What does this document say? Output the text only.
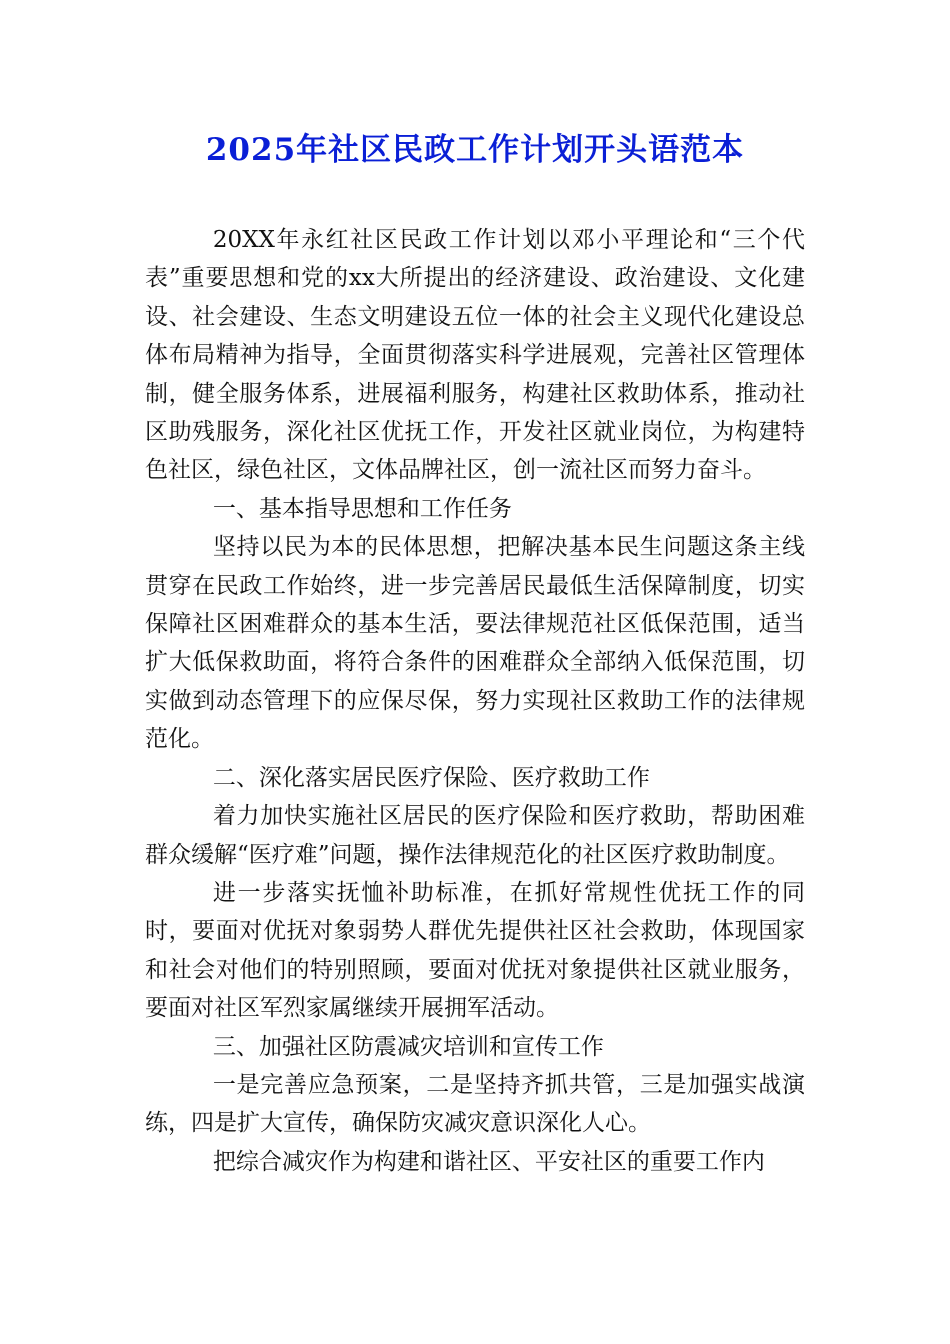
2025年社区民政工作计划开头语范本

20XX年永红社区民政工作计划以邓小平理论和“三个代表”重要思想和党的xx大所提出的经济建设、政治建设、文化建设、社会建设、生态文明建设五位一体的社会主义现代化建设总体布局精神为指导，全面贯彻落实科学进展观，完善社区管理体制，健全服务体系，进展福利服务，构建社区救助体系，推动社区助残服务，深化社区优抚工作，开发社区就业岗位，为构建特色社区，绿色社区，文体品牌社区，创一流社区而努力奋斗。

一、基本指导思想和工作任务

坚持以民为本的民体思想，把解决基本民生问题这条主线贯穿在民政工作始终，进一步完善居民最低生活保障制度，切实保障社区困难群众的基本生活，要法律规范社区低保范围，适当扩大低保救助面，将符合条件的困难群众全部纳入低保范围，切实做到动态管理下的应保尽保，努力实现社区救助工作的法律规范化。

二、深化落实居民医疗保险、医疗救助工作

着力加快实施社区居民的医疗保险和医疗救助，帮助困难群众缓解“医疗难”问题，操作法律规范化的社区医疗救助制度。

进一步落实抚恤补助标准，在抓好常规性优抚工作的同时，要面对优抚对象弱势人群优先提供社区社会救助，体现国家和社会对他们的特别照顾，要面对优抚对象提供社区就业服务，要面对社区军烈家属继续开展拥军活动。

三、加强社区防震减灾培训和宣传工作

一是完善应急预案，二是坚持齐抓共管，三是加强实战演练，四是扩大宣传，确保防灾减灾意识深化人心。

把综合减灾作为构建和谐社区、平安社区的重要工作内
